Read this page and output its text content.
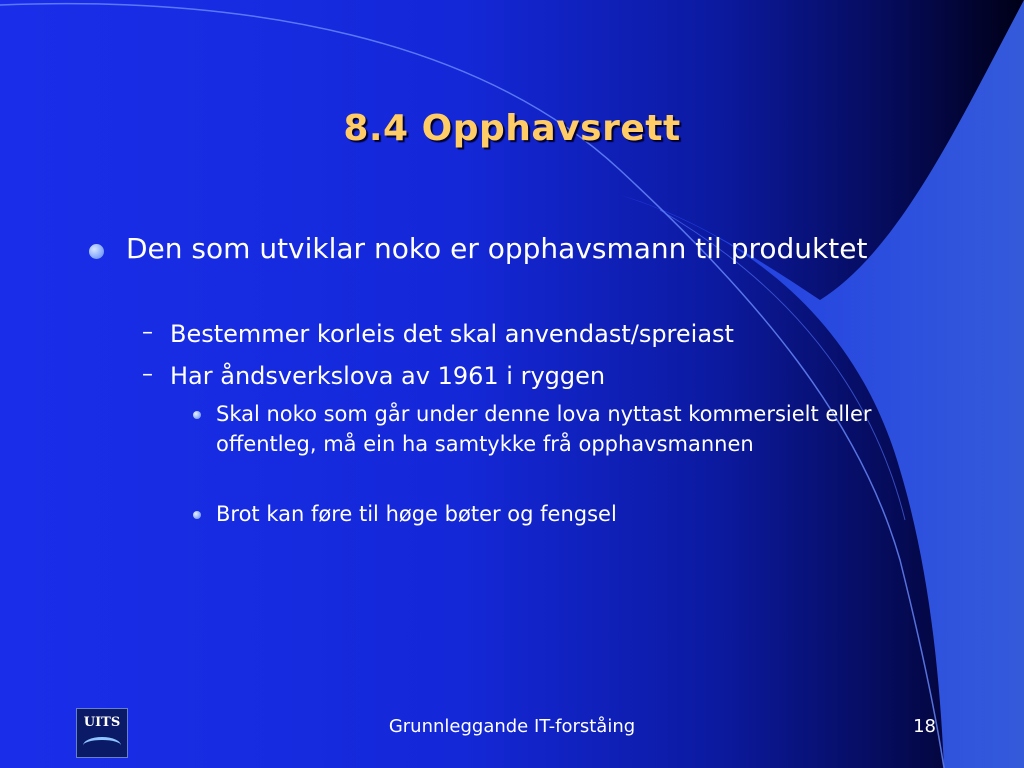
8.4 Opphavsrett
Den som utviklar noko er opphavsmann til produktet
– Bestemmer korleis det skal anvendast/spreiast
– Har åndsverkslova av 1961 i ryggen
Skal noko som går under denne lova nyttast kommersielt eller offentleg, må ein ha samtykke frå opphavsmannen
Brot kan føre til høge bøter og fengsel
UITS	Grunnleggande IT-forståing	18
